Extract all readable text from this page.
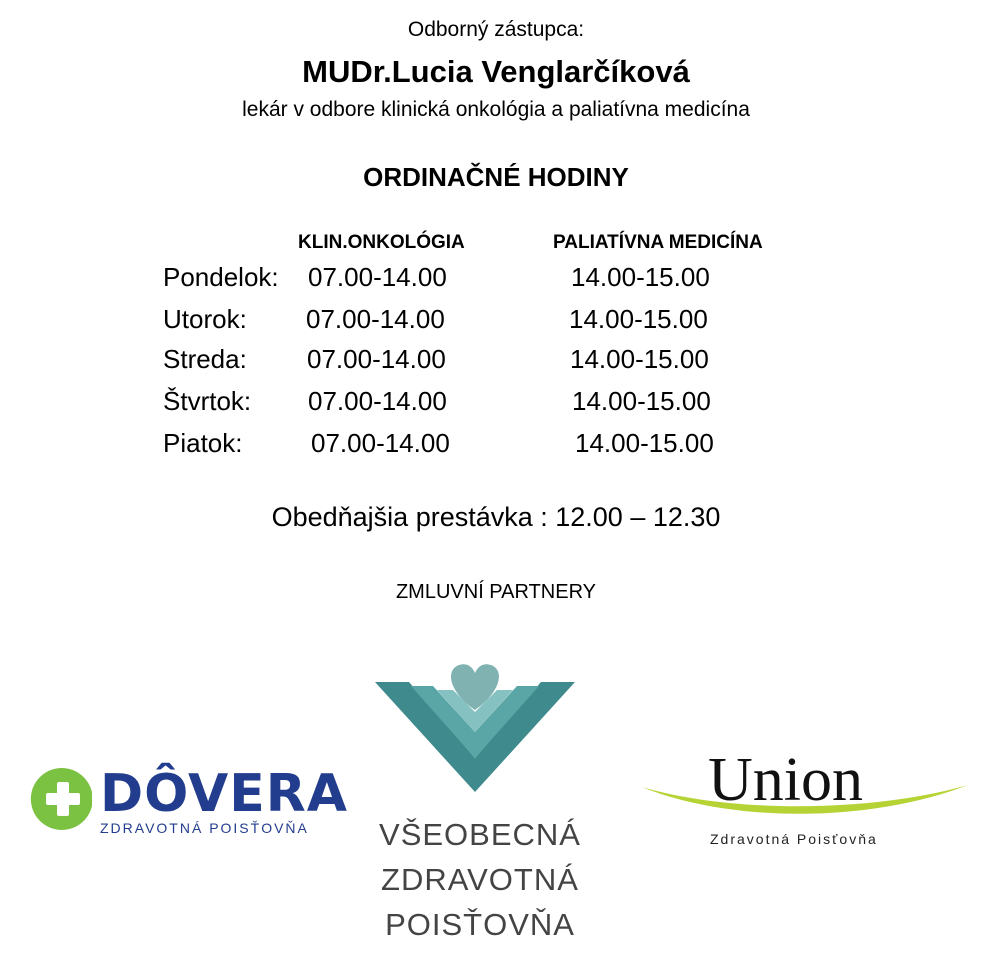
Odborný zástupca:
MUDr.Lucia Venglarčíková
lekár v odbore klinická onkológia a paliatívna medicína
ORDINAČNÉ HODINY
KLIN.ONKOLÓGIA	PALIATÍVNA MEDICÍNA
Pondelok: 07.00-14.00	14.00-15.00
Utorok: 07.00-14.00	14.00-15.00
Streda: 07.00-14.00	14.00-15.00
Štvrtok: 07.00-14.00	14.00-15.00
Piatok:	07.00-14.00	14.00-15.00
Obedňajšia prestávka : 12.00 – 12.30
ZMLUVNÍ PARTNERY
DÔVERA
ZDRAVOTNÁ POISŤOVŇA	VŠEOBECNÁ
ZDRAVOTNÁ
POISŤOVŇA
Union
Zdravotná Poisťovňa
